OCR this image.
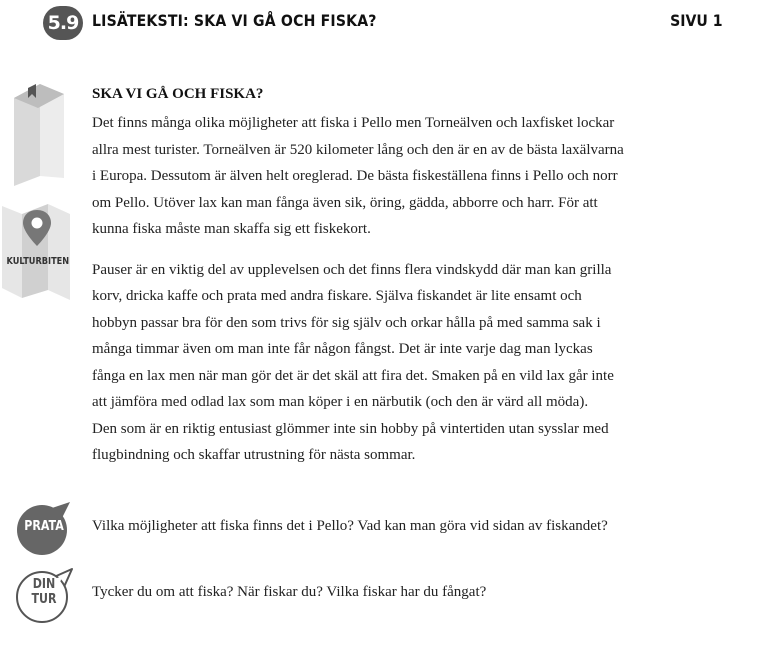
5.9 LISÄTEKSTI: SKA VI GÅ OCH FISKA?	SIVU 1
KULTURBITEN
SKA VI GÅ OCH FISKA?

Det finns många olika möjligheter att fiska i Pello men Torneälven och laxfisket lockar
allra mest turister. Torneälven är 520 kilometer lång och den är en av de bästa laxälvarna
i Europa. Dessutom är älven helt oreglerad. De bästa fiskeställena finns i Pello och norr
om Pello. Utöver lax kan man fånga även sik, öring, gädda, abborre och harr. För att
kunna fiska måste man skaffa sig ett fiskekort.

Pauser är en viktig del av upplevelsen och det finns flera vindskydd där man kan grilla
korv, dricka kaffe och prata med andra fiskare. Själva fiskandet är lite ensamt och
hobbyn passar bra för den som trivs för sig själv och orkar hålla på med samma sak i
många timmar även om man inte får någon fångst. Det är inte varje dag man lyckas
fånga en lax men när man gör det är det skäl att fira det. Smaken på en vild lax går inte
att jämföra med odlad lax som man köper i en närbutik (och den är värd all möda).
Den som är en riktig entusiast glömmer inte sin hobby på vintertiden utan sysslar med
flugbindning och skaffar utrustning för nästa sommar.

PRATA	Vilka möjligheter att fiska finns det i Pello? Vad kan man göra vid sidan av fiskandet?
DIN
TUR	Tycker du om att fiska? När fiskar du? Vilka fiskar har du fångat?
